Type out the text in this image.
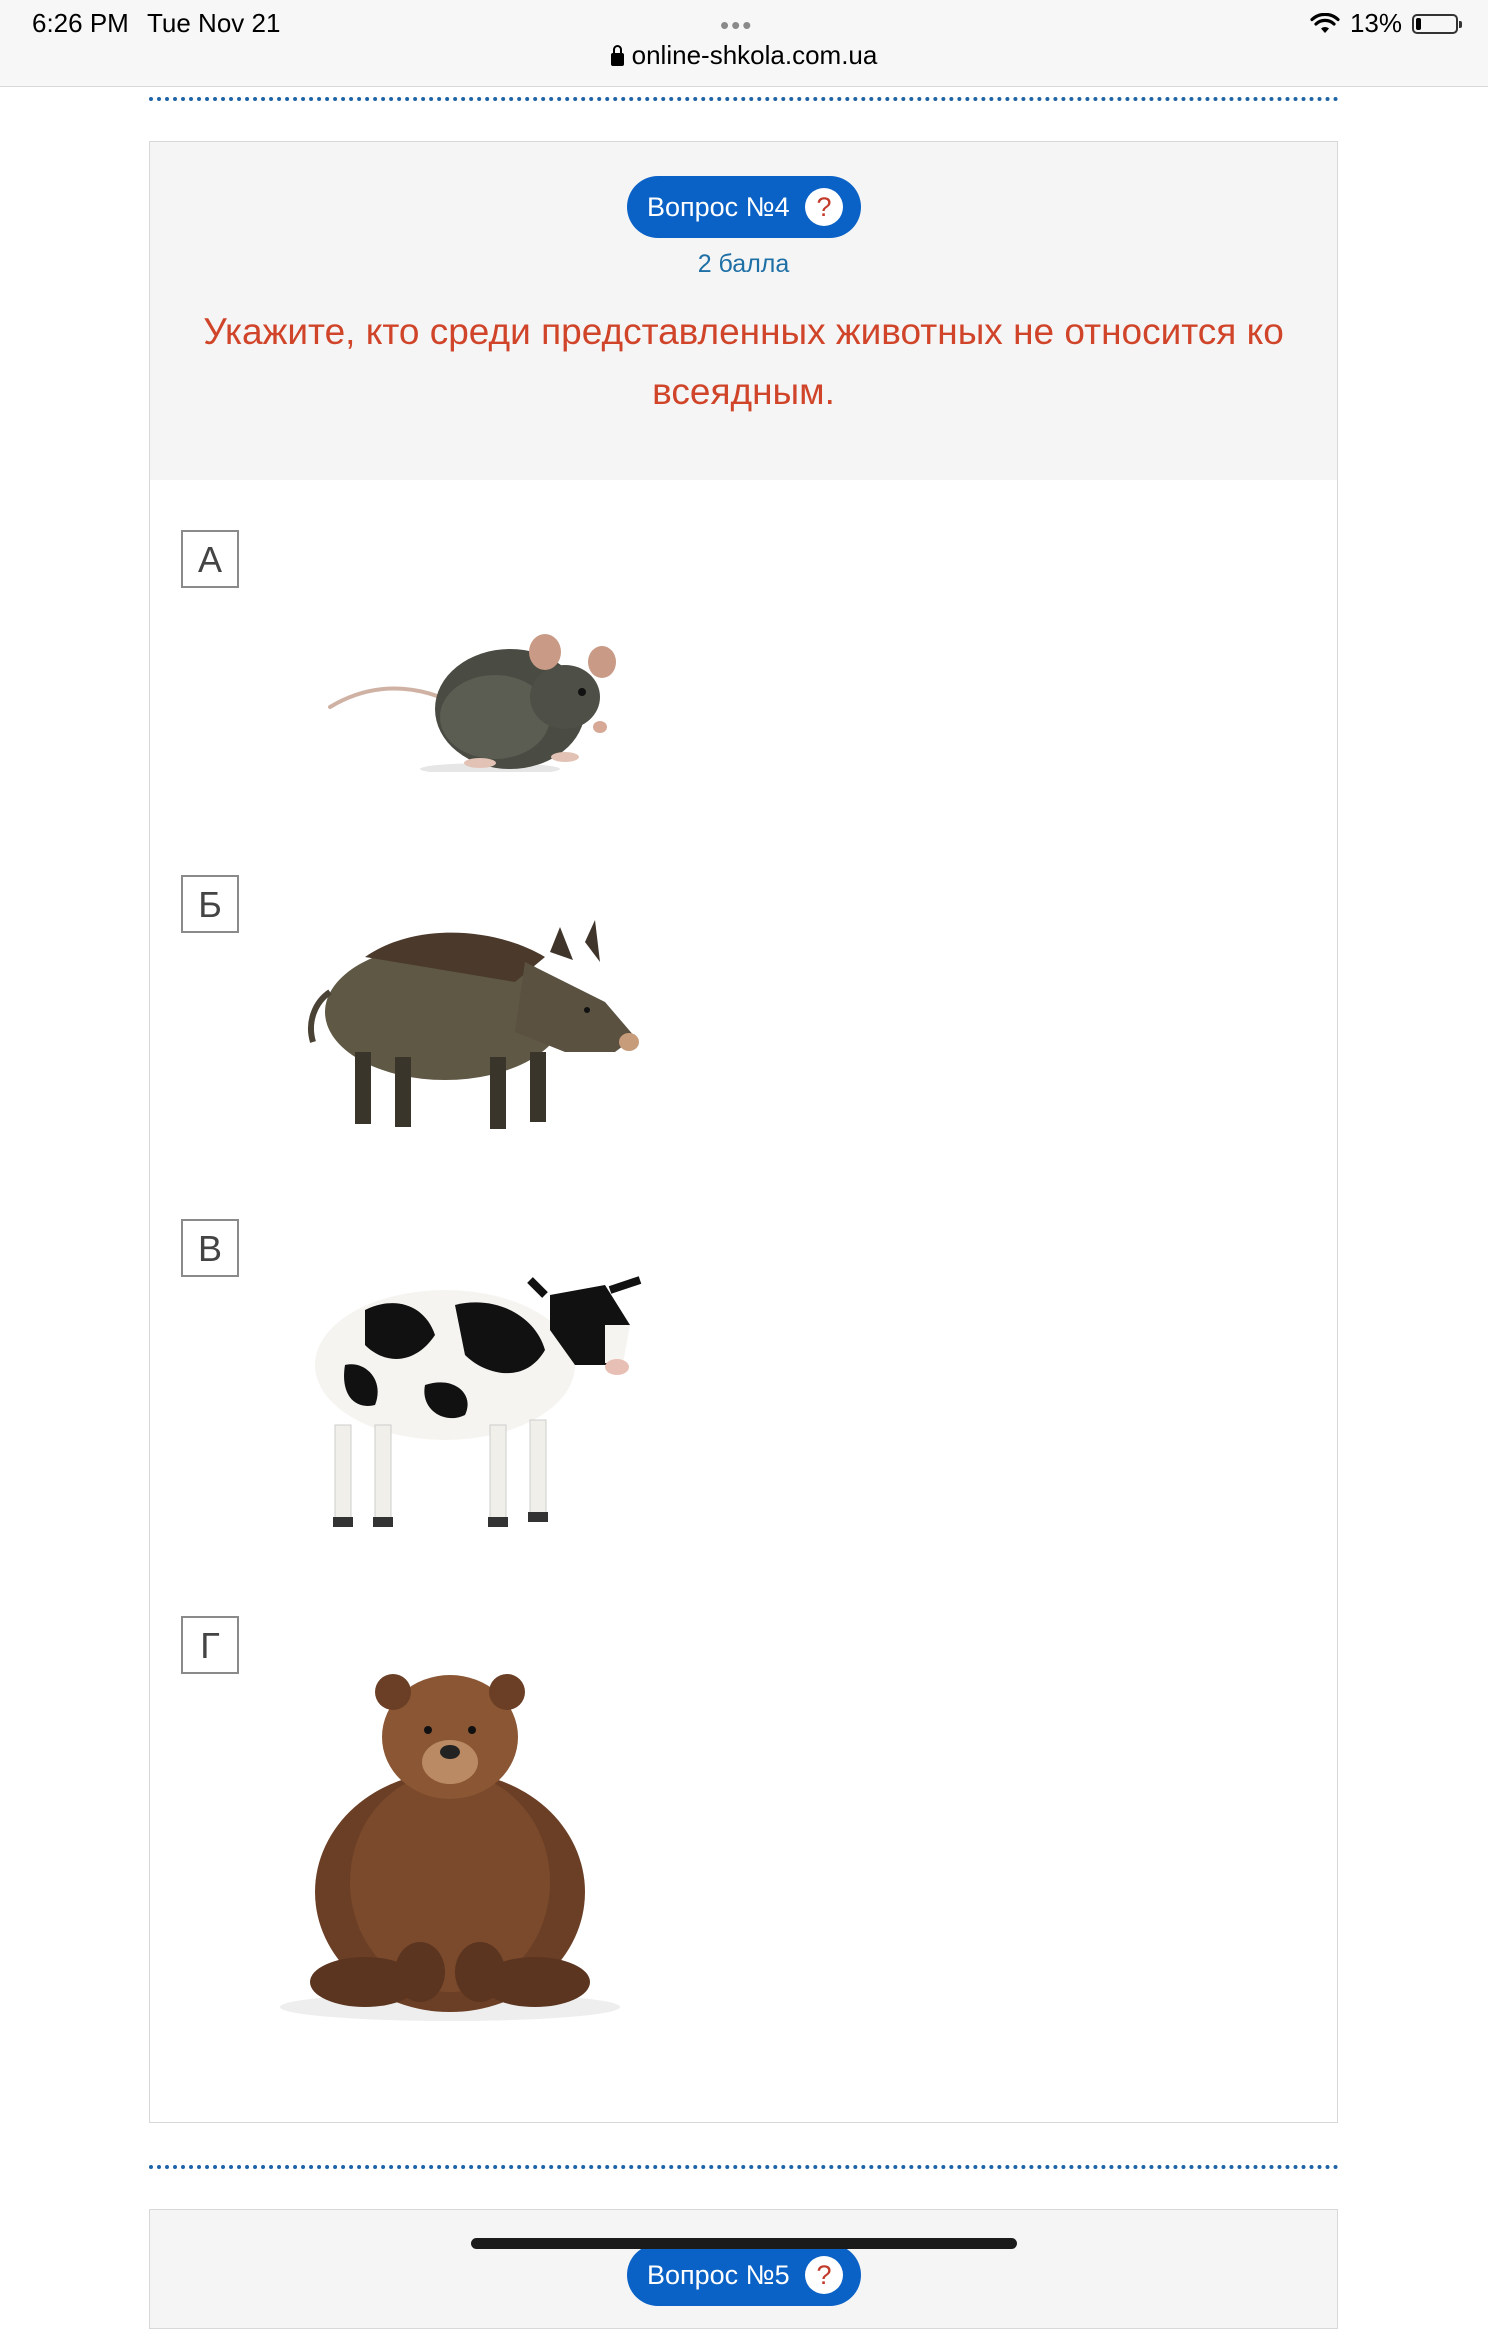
6:26 PM Tue Nov 21	•••
online-shkola.com.ua
13%
Вопрос №4 ?
2 балла
Укажите, кто среди представленных животных не относится ко всеядным.
А
Б
В
Г
Вопрос №5 ?
